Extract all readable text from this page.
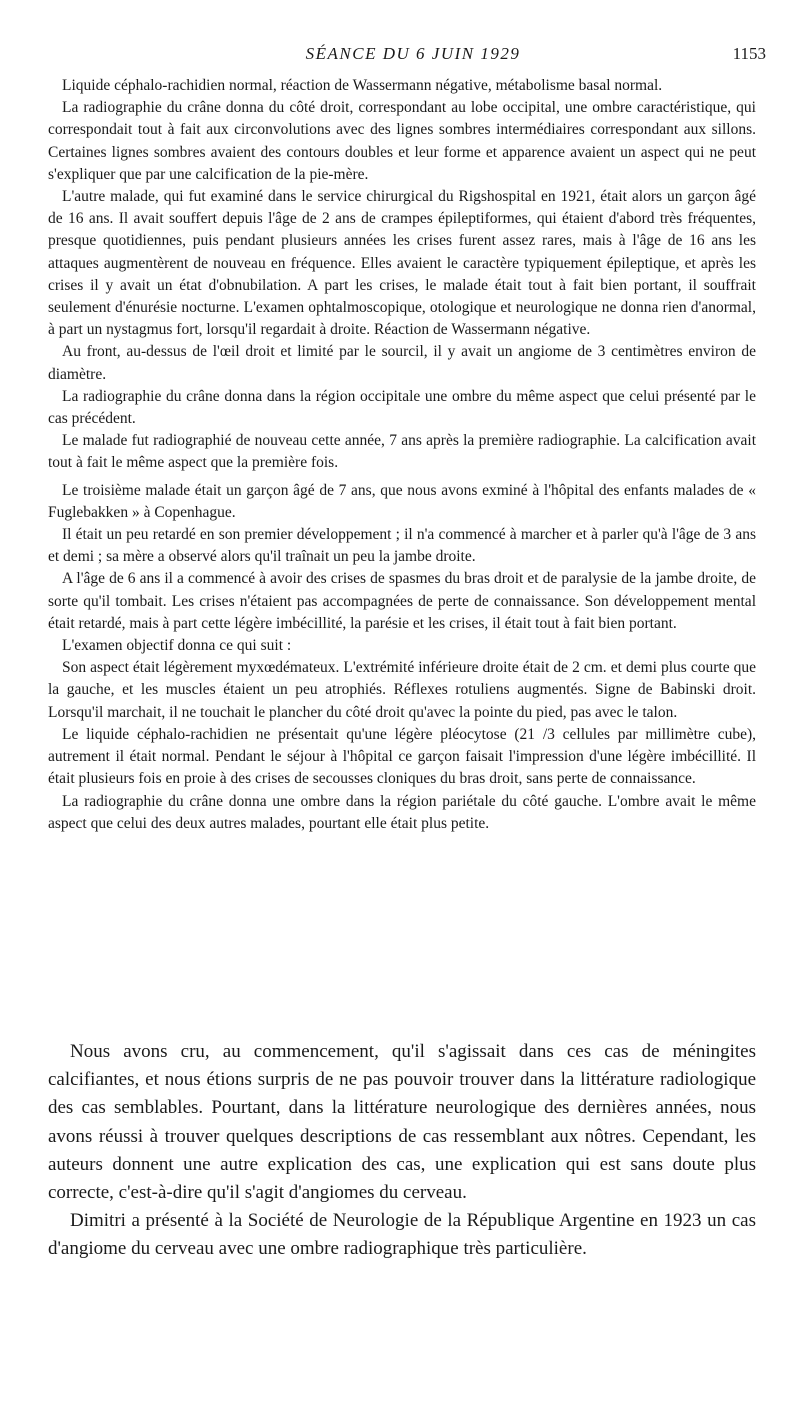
SÉANCE DU 6 JUIN 1929	1153

Liquide céphalo-rachidien normal, réaction de Wassermann négative, métabolisme basal normal.

La radiographie du crâne donna du côté droit, correspondant au lobe occipital, une ombre caractéristique, qui correspondait tout à fait aux circonvolutions avec des lignes sombres intermédiaires correspondant aux sillons. Certaines lignes sombres avaient des contours doubles et leur forme et apparence avaient un aspect qui ne peut s'expliquer que par une calcification de la pie-mère.

L'autre malade, qui fut examiné dans le service chirurgical du Rigshospital en 1921, était alors un garçon âgé de 16 ans. Il avait souffert depuis l'âge de 2 ans de crampes épileptiformes, qui étaient d'abord très fréquentes, presque quotidiennes, puis pendant plusieurs années les crises furent assez rares, mais à l'âge de 16 ans les attaques augmentèrent de nouveau en fréquence. Elles avaient le caractère typiquement épileptique, et après les crises il y avait un état d'obnubilation. A part les crises, le malade était tout à fait bien portant, il souffrait seulement d'énurésie nocturne. L'examen ophtalmoscopique, otologique et neurologique ne donna rien d'anormal, à part un nystagmus fort, lorsqu'il regardait à droite. Réaction de Wassermann négative.

Au front, au-dessus de l'œil droit et limité par le sourcil, il y avait un angiome de 3 centimètres environ de diamètre.

La radiographie du crâne donna dans la région occipitale une ombre du même aspect que celui présenté par le cas précédent.

Le malade fut radiographié de nouveau cette année, 7 ans après la première radiographie. La calcification avait tout à fait le même aspect que la première fois.

Le troisième malade était un garçon âgé de 7 ans, que nous avons exminé à l'hôpital des enfants malades de « Fuglebakken » à Copenhague.

Il était un peu retardé en son premier développement ; il n'a commencé à marcher et à parler qu'à l'âge de 3 ans et demi ; sa mère a observé alors qu'il traînait un peu la jambe droite.

A l'âge de 6 ans il a commencé à avoir des crises de spasmes du bras droit et de paralysie de la jambe droite, de sorte qu'il tombait. Les crises n'étaient pas accompagnées de perte de connaissance. Son développement mental était retardé, mais à part cette légère imbécillité, la parésie et les crises, il était tout à fait bien portant.

L'examen objectif donna ce qui suit :

Son aspect était légèrement myxœdémateux. L'extrémité inférieure droite était de 2 cm. et demi plus courte que la gauche, et les muscles étaient un peu atrophiés. Réflexes rotuliens augmentés. Signe de Babinski droit. Lorsqu'il marchait, il ne touchait le plancher du côté droit qu'avec la pointe du pied, pas avec le talon.

Le liquide céphalo-rachidien ne présentait qu'une légère pléocytose (21 /3 cellules par millimètre cube), autrement il était normal. Pendant le séjour à l'hôpital ce garçon faisait l'impression d'une légère imbécillité. Il était plusieurs fois en proie à des crises de secousses cloniques du bras droit, sans perte de connaissance.

La radiographie du crâne donna une ombre dans la région pariétale du côté gauche. L'ombre avait le même aspect que celui des deux autres malades, pourtant elle était plus petite.

Nous avons cru, au commencement, qu'il s'agissait dans ces cas de méningites calcifiantes, et nous étions surpris de ne pas pouvoir trouver dans la littérature radiologique des cas semblables. Pourtant, dans la littérature neurologique des dernières années, nous avons réussi à trouver quelques descriptions de cas ressemblant aux nôtres. Cependant, les auteurs donnent une autre explication des cas, une explication qui est sans doute plus correcte, c'est-à-dire qu'il s'agit d'angiomes du cerveau.

Dimitri a présenté à la Société de Neurologie de la République Argentine en 1923 un cas d'angiome du cerveau avec une ombre radiographique très particulière.
